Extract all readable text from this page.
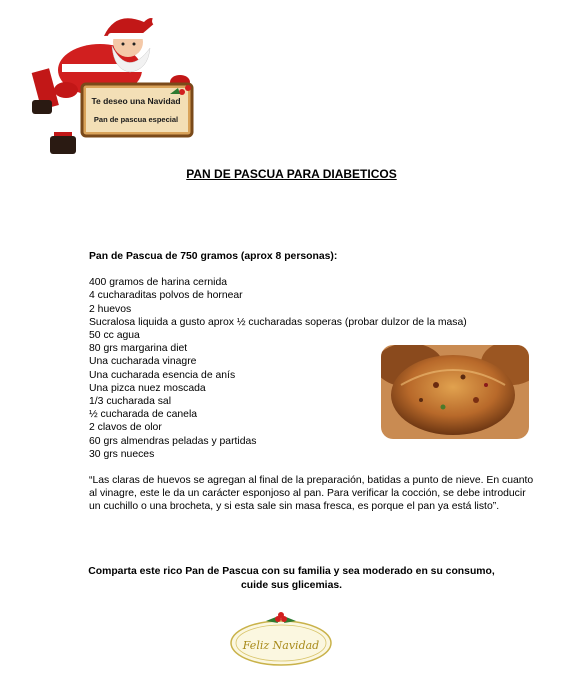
Te deseo una Navidad
Pan de pascua especial
PAN DE PASCUA PARA DIABETICOS
Pan de Pascua de 750 gramos (aprox 8 personas):
400 gramos de harina cernida
4 cucharaditas polvos de hornear
2 huevos
Sucralosa liquida a gusto aprox ½ cucharadas soperas (probar dulzor de la masa)
50 cc agua
80 grs margarina diet
Una cucharada vinagre
Una cucharada esencia de anís
Una pizca nuez moscada
1/3 cucharada sal
½ cucharada de canela
2 clavos de olor
60 grs almendras peladas y partidas
30 grs nueces
“Las claras de huevos se agregan al final de la preparación, batidas a punto de nieve. En cuanto al vinagre, este le da un carácter esponjoso al pan. Para verificar la cocción, se debe introducir un cuchillo o una brocheta, y si esta sale sin masa fresca, es porque el pan ya está listo”.
Comparta este rico Pan de Pascua con su familia y sea moderado en su consumo,
cuide sus glicemias.
Feliz Navidad
